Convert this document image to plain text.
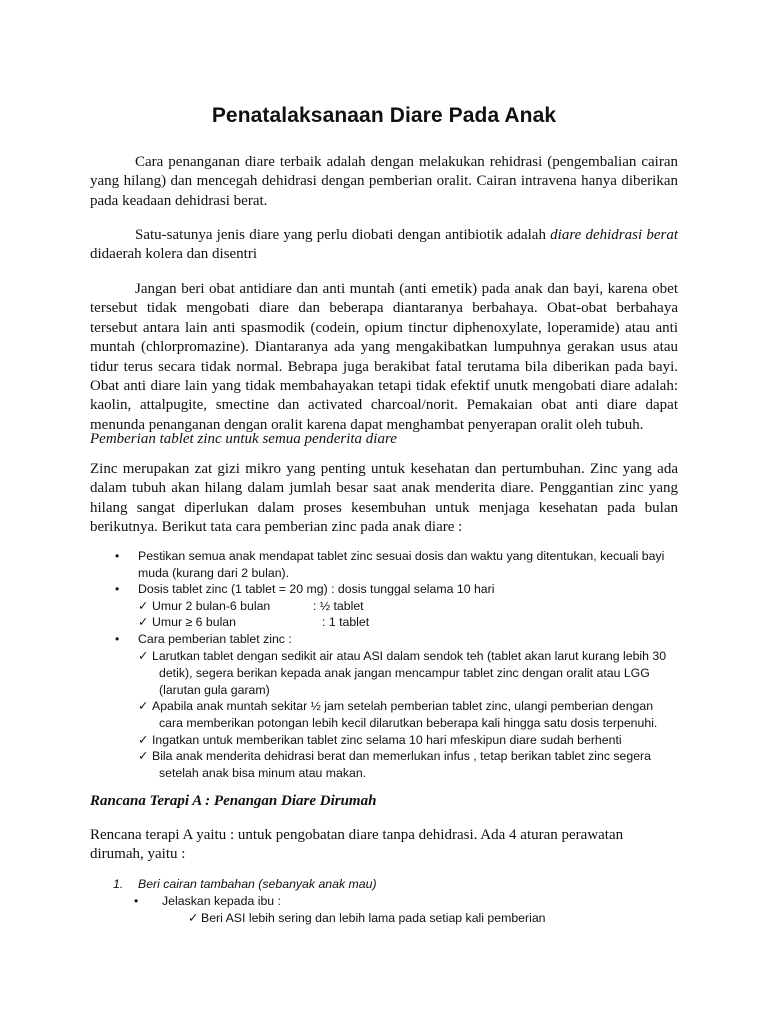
Penatalaksanaan Diare Pada Anak

Cara penanganan diare terbaik adalah dengan melakukan rehidrasi (pengembalian cairan yang hilang) dan mencegah dehidrasi dengan pemberian oralit. Cairan intravena hanya diberikan pada keadaan dehidrasi berat.

Satu-satunya jenis diare yang perlu diobati dengan antibiotik adalah diare dehidrasi berat didaerah kolera dan disentri

Jangan beri obat antidiare dan anti muntah (anti emetik) pada anak dan bayi, karena obet tersebut tidak mengobati diare dan beberapa diantaranya berbahaya. Obat-obat berbahaya tersebut antara lain anti spasmodik (codein, opium tinctur diphenoxylate, loperamide) atau anti muntah (chlorpromazine). Diantaranya ada yang mengakibatkan lumpuhnya gerakan usus atau tidur terus secara tidak normal. Bebrapa juga berakibat fatal terutama bila diberikan pada bayi. Obat anti diare lain yang tidak membahayakan tetapi tidak efektif unutk mengobati diare adalah: kaolin, attalpugite, smectine dan activated charcoal/norit. Pemakaian obat anti diare dapat menunda penanganan dengan oralit karena dapat menghambat penyerapan oralit oleh tubuh.

Pemberian tablet zinc untuk semua penderita diare

Zinc merupakan zat gizi mikro yang penting untuk kesehatan dan pertumbuhan. Zinc yang ada dalam tubuh akan hilang dalam jumlah besar saat anak menderita diare. Penggantian zinc yang hilang sangat diperlukan dalam proses kesembuhan untuk menjaga kesehatan pada bulan berikutnya. Berikut tata cara pemberian zinc pada anak diare :

• Pestikan semua anak mendapat tablet zinc sesuai dosis dan waktu yang ditentukan, kecuali bayi
muda (kurang dari 2 bulan).
• Dosis tablet zinc (1 tablet = 20 mg) : dosis tunggal selama 10 hari
✓ Umur 2 bulan-6 bulan	: ½ tablet
✓ Umur ≥ 6 bulan	: 1 tablet
• Cara pemberian tablet zinc :
✓ Larutkan tablet dengan sedikit air atau ASI dalam sendok teh (tablet akan larut kurang lebih 30
detik), segera berikan kepada anak jangan mencampur tablet zinc dengan oralit atau LGG
(larutan gula garam)
✓ Apabila anak muntah sekitar ½ jam setelah pemberian tablet zinc, ulangi pemberian dengan
cara memberikan potongan lebih kecil dilarutkan beberapa kali hingga satu dosis terpenuhi.
✓ Ingatkan untuk memberikan tablet zinc selama 10 hari mfeskipun diare sudah berhenti
✓ Bila anak menderita dehidrasi berat dan memerlukan infus , tetap berikan tablet zinc segera
setelah anak bisa minum atau makan.

Rancana Terapi A : Penangan Diare Dirumah

Rencana terapi A yaitu : untuk pengobatan diare tanpa dehidrasi. Ada 4 aturan perawatan dirumah, yaitu :

1. Beri cairan tambahan (sebanyak anak mau)
• Jelaskan kepada ibu :
✓ Beri ASI lebih sering dan lebih lama pada setiap kali pemberian
